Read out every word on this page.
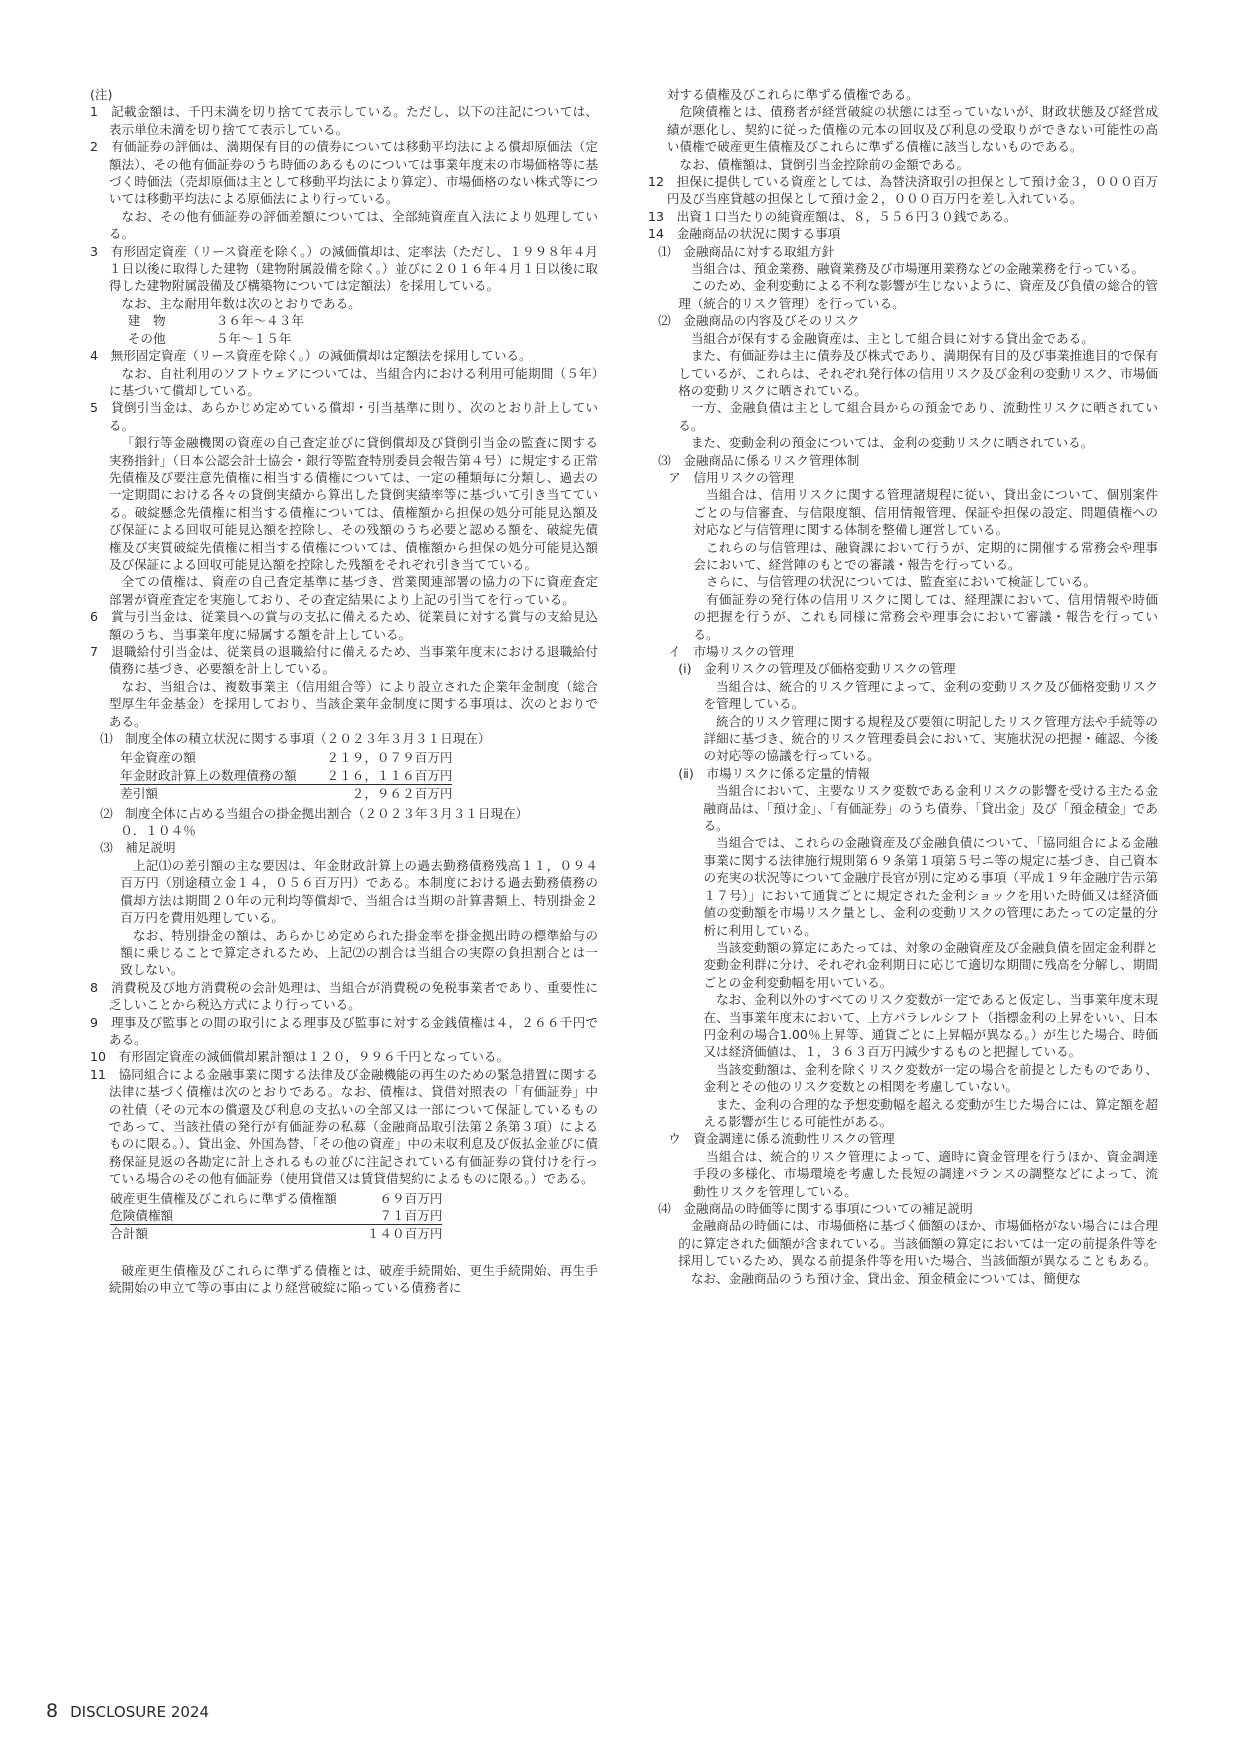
(注)

1　記載金額は、千円未満を切り捨てて表示している。ただし、以下の注記については、表示単位未満を切り捨てて表示している。

2　有価証券の評価は、満期保有目的の債券については移動平均法による償却原価法（定額法）、その他有価証券のうち時価のあるものについては事業年度末の市場価格等に基づく時価法（売却原価は主として移動平均法により算定）、市場価格のない株式等については移動平均法による原価法により行っている。

なお、その他有価証券の評価差額については、全部純資産直入法により処理している。

3　有形固定資産（リース資産を除く。）の減価償却は、定率法（ただし、１９９８年４月１日以後に取得した建物（建物附属設備を除く。）並びに２０１６年４月１日以後に取得した建物附属設備及び構築物については定額法）を採用している。

なお、主な耐用年数は次のとおりである。

建　物	３６年～４３年
その他	５年～１５年

4　無形固定資産（リース資産を除く。）の減価償却は定額法を採用している。

なお、自社利用のソフトウェアについては、当組合内における利用可能期間（５年）に基づいて償却している。

5　貸倒引当金は、あらかじめ定めている償却・引当基準に則り、次のとおり計上している。

「銀行等金融機関の資産の自己査定並びに貸倒償却及び貸倒引当金の監査に関する実務指針」（日本公認会計士協会・銀行等監査特別委員会報告第４号）に規定する正常先債権及び要注意先債権に相当する債権については、一定の種類毎に分類し、過去の一定期間における各々の貸倒実績から算出した貸倒実績率等に基づいて引き当てている。破綻懸念先債権に相当する債権については、債権額から担保の処分可能見込額及び保証による回収可能見込額を控除し、その残額のうち必要と認める額を、破綻先債権及び実質破綻先債権に相当する債権については、債権額から担保の処分可能見込額及び保証による回収可能見込額を控除した残額をそれぞれ引き当てている。

全ての債権は、資産の自己査定基準に基づき、営業関連部署の協力の下に資産査定部署が資産査定を実施しており、その査定結果により上記の引当てを行っている。

6　賞与引当金は、従業員への賞与の支払に備えるため、従業員に対する賞与の支給見込額のうち、当事業年度に帰属する額を計上している。

7　退職給付引当金は、従業員の退職給付に備えるため、当事業年度末における退職給付債務に基づき、必要額を計上している。

なお、当組合は、複数事業主（信用組合等）により設立された企業年金制度（総合型厚生年金基金）を採用しており、当該企業年金制度に関する事項は、次のとおりである。

⑴　制度全体の積立状況に関する事項（２０２３年３月３１日現在）

年金資産の額	２１９，０７９百万円
年金財政計算上の数理債務の額	２１６，１１６百万円
差引額	２，９６２百万円

⑵　制度全体に占める当組合の掛金拠出割合（２０２３年３月３１日現在）

０．１０４％

⑶　補足説明

上記⑴の差引額の主な要因は、年金財政計算上の過去勤務債務残高１１，０９４百万円（別途積立金１４，０５６百万円）である。本制度における過去勤務債務の償却方法は期間２０年の元利均等償却で、当組合は当期の計算書類上、特別掛金２百万円を費用処理している。

なお、特別掛金の額は、あらかじめ定められた掛金率を掛金拠出時の標準給与の額に乗じることで算定されるため、上記⑵の割合は当組合の実際の負担割合とは一致しない。

8　消費税及び地方消費税の会計処理は、当組合が消費税の免税事業者であり、重要性に乏しいことから税込方式により行っている。

9　理事及び監事との間の取引による理事及び監事に対する金銭債権は４，２６６千円である。

10　有形固定資産の減価償却累計額は１２０，９９６千円となっている。

11　協同組合による金融事業に関する法律及び金融機能の再生のための緊急措置に関する法律に基づく債権は次のとおりである。なお、債権は、貸借対照表の「有価証券」中の社債（その元本の償還及び利息の支払いの全部又は一部について保証しているものであって、当該社債の発行が有価証券の私募（金融商品取引法第２条第３項）によるものに限る。）、貸出金、外国為替、「その他の資産」中の未収利息及び仮払金並びに債務保証見返の各勘定に計上されるもの並びに注記されている有価証券の貸付けを行っている場合のその他有価証券（使用貸借又は賃貸借契約によるものに限る。）である。

破産更生債権及びこれらに準ずる債権額	６９百万円
危険債権額	７１百万円
合計額	１４０百万円

破産更生債権及びこれらに準ずる債権とは、破産手続開始、更生手続開始、再生手続開始の申立て等の事由により経営破綻に陥っている債務者に

対する債権及びこれらに準ずる債権である。

危険債権とは、債務者が経営破綻の状態には至っていないが、財政状態及び経営成績が悪化し、契約に従った債権の元本の回収及び利息の受取りができない可能性の高い債権で破産更生債権及びこれらに準ずる債権に該当しないものである。

なお、債権額は、貸倒引当金控除前の金額である。

12　担保に提供している資産としては、為替決済取引の担保として預け金３，０００百万円及び当座貸越の担保として預け金２，０００百万円を差し入れている。

13　出資１口当たりの純資産額は、８，５５６円３０銭である。

14　金融商品の状況に関する事項

⑴　金融商品に対する取組方針

当組合は、預金業務、融資業務及び市場運用業務などの金融業務を行っている。

このため、金利変動による不利な影響が生じないように、資産及び負債の総合的管理（統合的リスク管理）を行っている。

⑵　金融商品の内容及びそのリスク

当組合が保有する金融資産は、主として組合員に対する貸出金である。

また、有価証券は主に債券及び株式であり、満期保有目的及び事業推進目的で保有しているが、これらは、それぞれ発行体の信用リスク及び金利の変動リスク、市場価格の変動リスクに晒されている。

一方、金融負債は主として組合員からの預金であり、流動性リスクに晒されている。

また、変動金利の預金については、金利の変動リスクに晒されている。

⑶　金融商品に係るリスク管理体制

ア　信用リスクの管理

当組合は、信用リスクに関する管理諸規程に従い、貸出金について、個別案件ごとの与信審査、与信限度額、信用情報管理、保証や担保の設定、問題債権への対応など与信管理に関する体制を整備し運営している。

これらの与信管理は、融資課において行うが、定期的に開催する常務会や理事会において、経営陣のもとでの審議・報告を行っている。

さらに、与信管理の状況については、監査室において検証している。

有価証券の発行体の信用リスクに関しては、経理課において、信用情報や時価の把握を行うが、これも同様に常務会や理事会において審議・報告を行っている。

イ　市場リスクの管理

(ⅰ)　金利リスクの管理及び価格変動リスクの管理

当組合は、統合的リスク管理によって、金利の変動リスク及び価格変動リスクを管理している。

統合的リスク管理に関する規程及び要領に明記したリスク管理方法や手続等の詳細に基づき、統合的リスク管理委員会において、実施状況の把握・確認、今後の対応等の協議を行っている。

(ⅱ)　市場リスクに係る定量的情報

当組合において、主要なリスク変数である金利リスクの影響を受ける主たる金融商品は、「預け金」、「有価証券」のうち債券、「貸出金」及び「預金積金」である。

当組合では、これらの金融資産及び金融負債について、「協同組合による金融事業に関する法律施行規則第６９条第１項第５号ニ等の規定に基づき、自己資本の充実の状況等について金融庁長官が別に定める事項（平成１９年金融庁告示第１７号）」において通貨ごとに規定された金利ショックを用いた時価又は経済価値の変動額を市場リスク量とし、金利の変動リスクの管理にあたっての定量的分析に利用している。

当該変動額の算定にあたっては、対象の金融資産及び金融負債を固定金利群と変動金利群に分け、それぞれ金利期日に応じて適切な期間に残高を分解し、期間ごとの金利変動幅を用いている。

なお、金利以外のすべてのリスク変数が一定であると仮定し、当事業年度末現在、当事業年度末において、上方パラレルシフト（指標金利の上昇をいい、日本円金利の場合1.00％上昇等、通貨ごとに上昇幅が異なる。）が生じた場合、時価又は経済価値は、１，３６３百万円減少するものと把握している。

当該変動額は、金利を除くリスク変数が一定の場合を前提としたものであり、金利とその他のリスク変数との相関を考慮していない。

また、金利の合理的な予想変動幅を超える変動が生じた場合には、算定額を超える影響が生じる可能性がある。

ウ　資金調達に係る流動性リスクの管理

当組合は、統合的リスク管理によって、適時に資金管理を行うほか、資金調達手段の多様化、市場環境を考慮した長短の調達バランスの調整などによって、流動性リスクを管理している。

⑷　金融商品の時価等に関する事項についての補足説明

金融商品の時価には、市場価格に基づく価額のほか、市場価格がない場合には合理的に算定された価額が含まれている。当該価額の算定においては一定の前提条件等を採用しているため、異なる前提条件等を用いた場合、当該価額が異なることもある。

なお、金融商品のうち預け金、貸出金、預金積金については、簡便な

8 DISCLOSURE 2024
